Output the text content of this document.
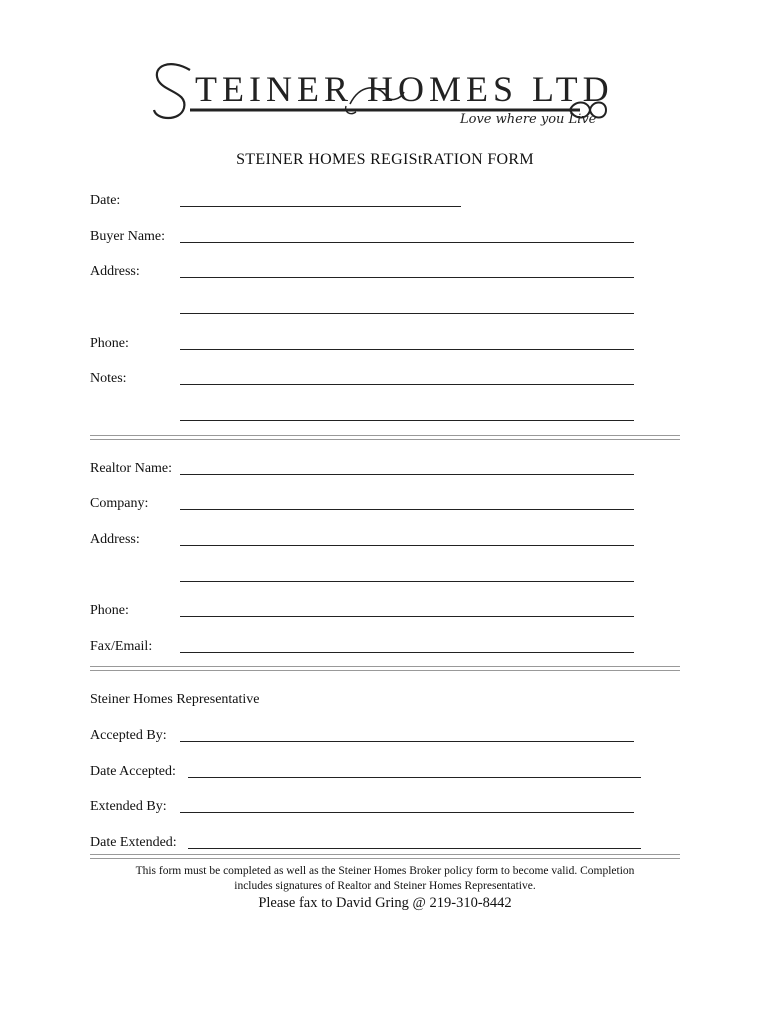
TEINER HOMES LTD
Love where you Live
STEINER HOMES REGIStRATION FORM
Date:
Buyer Name:
Address:
Phone:
Notes:
Realtor Name:
Company:
Address:
Phone:
Fax/Email:
Steiner Homes Representative
Accepted By:
Date Accepted:
Extended By:
Date Extended:
This form must be completed as well as the Steiner Homes Broker policy form to become valid. Completion
includes signatures of Realtor and Steiner Homes Representative.
Please fax to David Gring @ 219-310-8442
